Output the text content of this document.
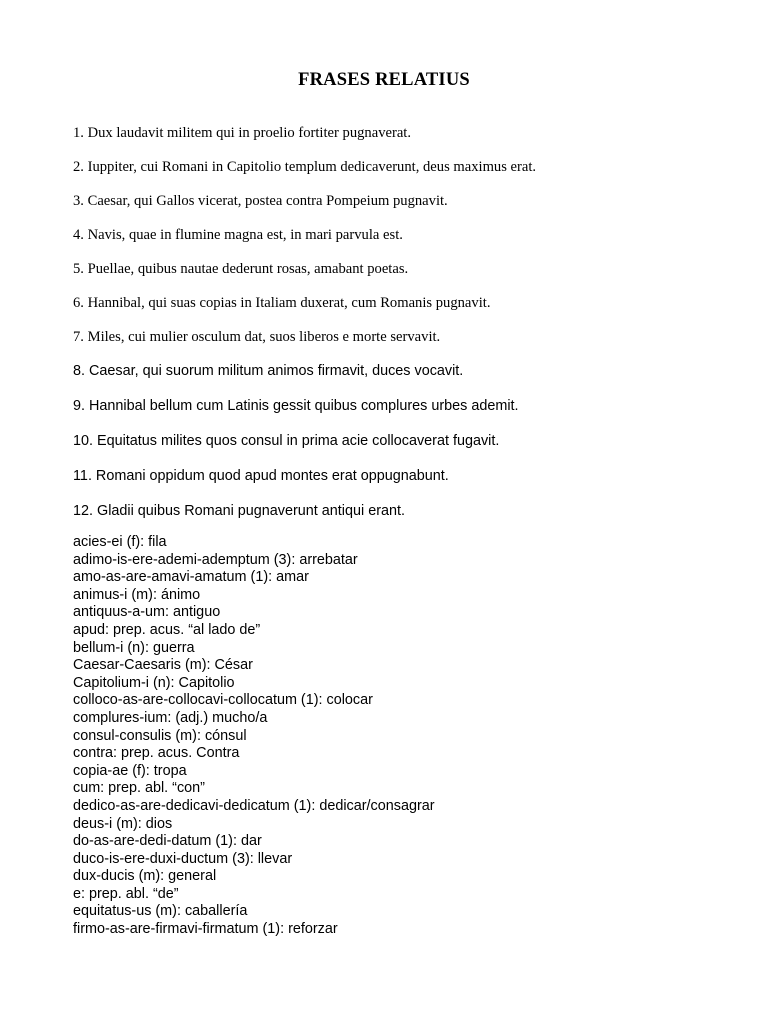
FRASES RELATIUS
1. Dux laudavit militem qui in proelio fortiter pugnaverat.
2. Iuppiter, cui Romani in Capitolio templum dedicaverunt, deus maximus erat.
3. Caesar, qui Gallos vicerat, postea contra Pompeium pugnavit.
4. Navis, quae in flumine magna est, in mari parvula est.
5. Puellae, quibus nautae dederunt rosas, amabant poetas.
6. Hannibal, qui suas copias in Italiam duxerat, cum Romanis pugnavit.
7. Miles, cui mulier osculum dat, suos liberos e morte servavit.
8. Caesar, qui suorum militum animos firmavit, duces vocavit.
9. Hannibal bellum cum Latinis gessit quibus complures urbes ademit.
10. Equitatus milites quos consul in prima acie collocaverat fugavit.
11. Romani oppidum quod apud montes erat oppugnabunt.
12. Gladii quibus Romani pugnaverunt antiqui erant.
acies-ei (f): fila
adimo-is-ere-ademi-ademptum (3): arrebatar
amo-as-are-amavi-amatum (1): amar
animus-i (m): ánimo
antiquus-a-um: antiguo
apud: prep. acus. “al lado de”
bellum-i (n): guerra
Caesar-Caesaris (m): César
Capitolium-i (n): Capitolio
colloco-as-are-collocavi-collocatum (1): colocar
complures-ium: (adj.) mucho/a
consul-consulis (m): cónsul
contra: prep. acus. Contra
copia-ae (f): tropa
cum: prep. abl. “con”
dedico-as-are-dedicavi-dedicatum (1): dedicar/consagrar
deus-i (m): dios
do-as-are-dedi-datum (1): dar
duco-is-ere-duxi-ductum (3): llevar
dux-ducis (m): general
e: prep. abl. “de”
equitatus-us (m): caballería
firmo-as-are-firmavi-firmatum (1): reforzar
